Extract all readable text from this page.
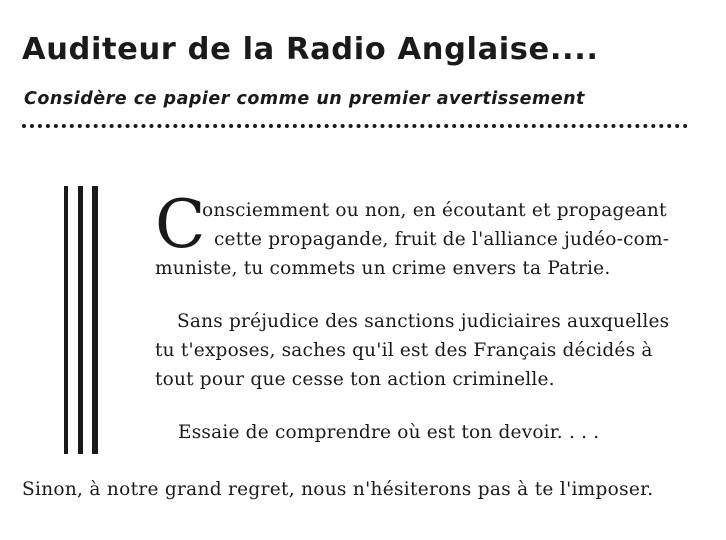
Auditeur de la Radio Anglaise....

Considère ce papier comme un premier avertissement

C
onsciemment ou non, en écoutant et propageant
cette propagande, fruit de l'alliance judéo-com-
muniste, tu commets un crime envers ta Patrie.
Sans préjudice des sanctions judiciaires auxquelles
tu t'exposes, saches qu'il est des Français décidés à
tout pour que cesse ton action criminelle.
Essaie de comprendre où est ton devoir. . . .

Sinon, à notre grand regret, nous n'hésiterons pas à te l'imposer.
